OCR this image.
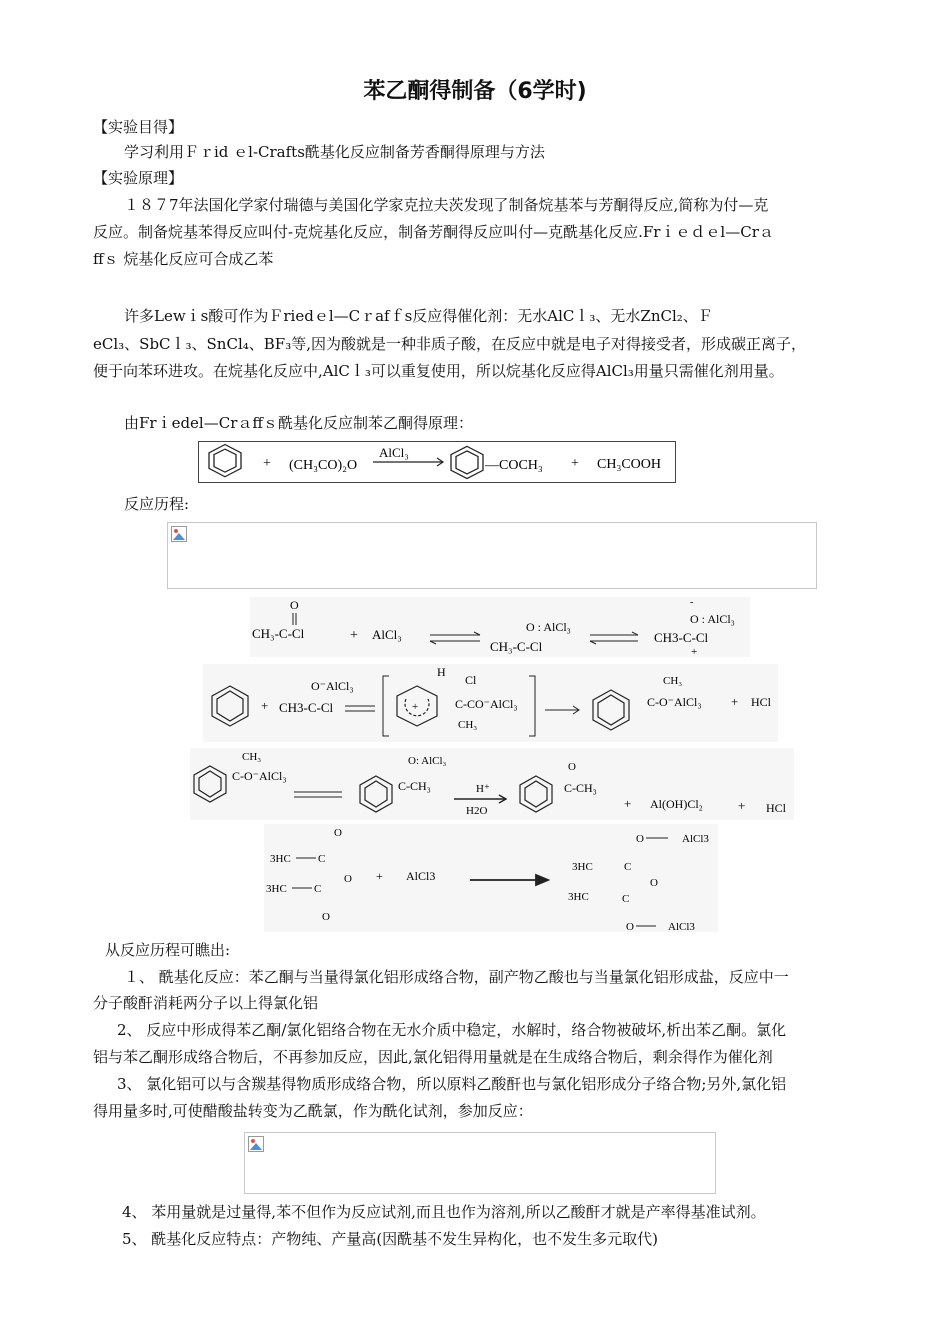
苯乙酮得制备（6学时)
【实验目得】
学习利用Ｆｒid ｅl-Crafts酰基化反应制备芳香酮得原理与方法
【实验原理】
１８７7年法国化学家付瑞德与美国化学家克拉夫茨发现了制备烷基苯与芳酮得反应,简称为付—克
反应。制备烷基苯得反应叫付-克烷基化反应，制备芳酮得反应叫付—克酰基化反应.Frｉｅｄｅl—Crａ
ffｓ 烷基化反应可合成乙苯
许多Lewｉs酸可作为Ｆriedｅl—Cｒafｆs反应得催化剂：无水AlCｌ₃、无水ZnCl₂、Ｆ
eCl₃、SbCｌ₃、SnCl₄、BF₃等,因为酸就是一种非质子酸，在反应中就是电子对得接受者，形成碳正离子，
便于向苯环进攻。在烷基化反应中,AlCｌ₃可以重复使用，所以烷基化反应得AlCl₃用量只需催化剂用量。
由Frｉedel—Crａffｓ酰基化反应制苯乙酮得原理：
+ (CH₃CO)₂O
AlCl₃
—COCH₃ + CH₃COOH
反应历程:
O
CH₃-C-Cl	+ AlCl₃	O : AlCl₃
CH₃-C-Cl
-
O : AlCl₃
CH3-C-Cl
+
+
O⁻AlCl₃
CH3-C-Cl
H
+
Cl
C-CO⁻AlCl₃
CH₃
CH₃
C-O⁻AlCl₃ + HCl
CH₃
C-O⁻AlCl₃
O: AlCl₃
C-CH₃	H⁺
H2O
O
C-CH₃
+ Al(OH)Cl₂	+ HCl
O
3HC C
O
3HC C
O
+ AlCl3
O	AlCl3
3HC	C
O
3HC	C
O	AlCl3
从反应历程可瞧出:
１、 酰基化反应：苯乙酮与当量得氯化铝形成络合物，副产物乙酸也与当量氯化铝形成盐，反应中一
分子酸酐消耗两分子以上得氯化铝
2、 反应中形成得苯乙酮/氯化铝络合物在无水介质中稳定，水解时，络合物被破坏,析出苯乙酮。氯化
铝与苯乙酮形成络合物后，不再参加反应，因此,氯化铝得用量就是在生成络合物后，剩余得作为催化剂
3、 氯化铝可以与含羰基得物质形成络合物，所以原料乙酸酐也与氯化铝形成分子络合物;另外,氯化铝
得用量多时,可使醋酸盐转变为乙酰氯，作为酰化试剂，参加反应：
4、 苯用量就是过量得,苯不但作为反应试剂,而且也作为溶剂,所以乙酸酐才就是产率得基准试剂。
5、 酰基化反应特点：产物纯、产量高(因酰基不发生异构化，也不发生多元取代)
